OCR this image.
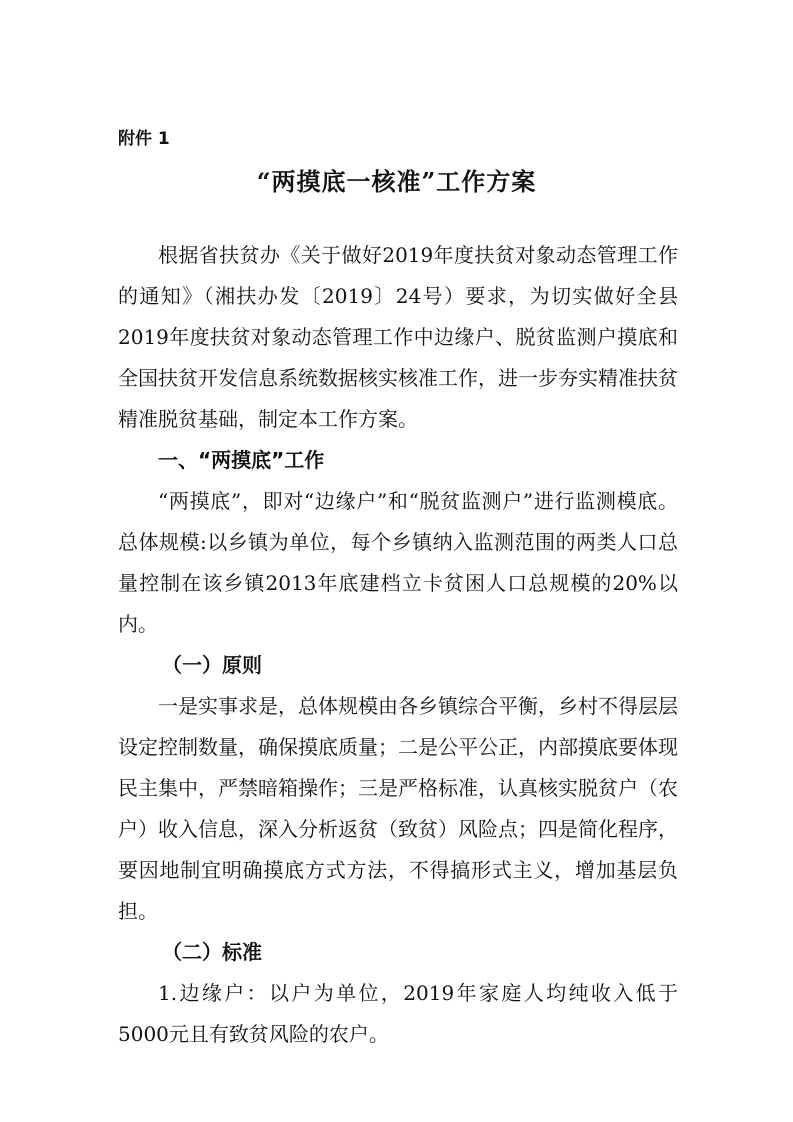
附件 1
“两摸底一核准”工作方案

根据省扶贫办《关于做好2019年度扶贫对象动态管理工作的通知》（湘扶办发〔2019〕24号）要求，为切实做好全县2019年度扶贫对象动态管理工作中边缘户、脱贫监测户摸底和全国扶贫开发信息系统数据核实核准工作，进一步夯实精准扶贫精准脱贫基础，制定本工作方案。

一、“两摸底”工作

“两摸底”，即对“边缘户”和“脱贫监测户”进行监测模底。总体规模:以乡镇为单位，每个乡镇纳入监测范围的两类人口总量控制在该乡镇2013年底建档立卡贫困人口总规模的20%以内。

（一）原则

一是实事求是，总体规模由各乡镇综合平衡，乡村不得层层设定控制数量，确保摸底质量；二是公平公正，内部摸底要体现民主集中，严禁暗箱操作；三是严格标准，认真核实脱贫户（农户）收入信息，深入分析返贫（致贫）风险点；四是简化程序，要因地制宜明确摸底方式方法，不得搞形式主义，增加基层负担。

（二）标准

1.边缘户：以户为单位，2019年家庭人均纯收入低于5000元且有致贫风险的农户。
